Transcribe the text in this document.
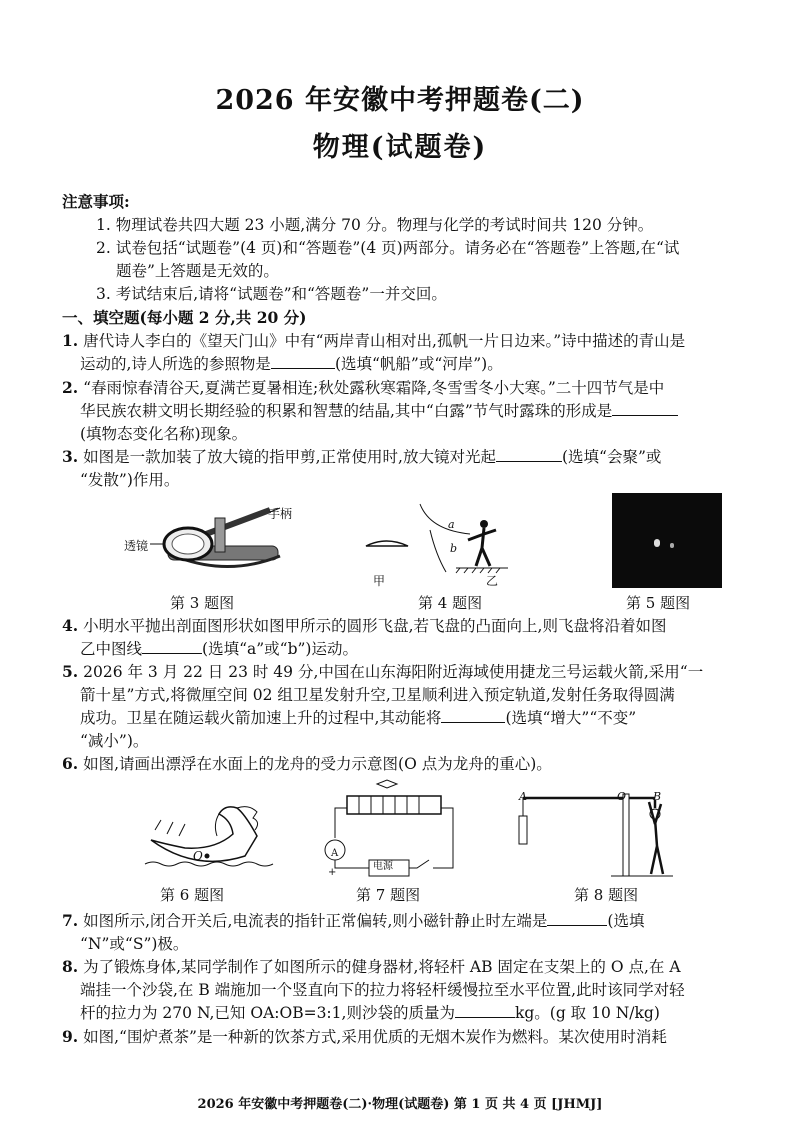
2026 年安徽中考押题卷(二)
物理(试题卷)
注意事项:
1. 物理试卷共四大题 23 小题,满分 70 分。物理与化学的考试时间共 120 分钟。
2. 试卷包括“试题卷”(4 页)和“答题卷”(4 页)两部分。请务必在“答题卷”上答题,在“试
题卷”上答题是无效的。
3. 考试结束后,请将“试题卷”和“答题卷”一并交回。
一、填空题(每小题 2 分,共 20 分)
1. 唐代诗人李白的《望天门山》中有“两岸青山相对出,孤帆一片日边来。”诗中描述的青山是
运动的,诗人所选的参照物是	(选填“帆船”或“河岸”)。
2. “春雨惊春清谷天,夏满芒夏暑相连;秋处露秋寒霜降,冬雪雪冬小大寒。”二十四节气是中
华民族农耕文明长期经验的积累和智慧的结晶,其中“白露”节气时露珠的形成是
(填物态变化名称)现象。
3. 如图是一款加装了放大镜的指甲剪,正常使用时,放大镜对光起	(选填“会聚”或
“发散”)作用。
手柄
透镜
a
b
甲	乙
第 3 题图	第 4 题图	第 5 题图
4. 小明水平抛出剖面图形状如图甲所示的圆形飞盘,若飞盘的凸面向上,则飞盘将沿着如图
乙中图线	(选填“a”或“b”)运动。
5. 2026 年 3 月 22 日 23 时 49 分,中国在山东海阳附近海域使用捷龙三号运载火箭,采用“一
箭十星”方式,将微厘空间 02 组卫星发射升空,卫星顺利进入预定轨道,发射任务取得圆满
成功。卫星在随运载火箭加速上升的过程中,其动能将	(选填“增大”“不变”
“减小”)。
6. 如图,请画出漂浮在水面上的龙舟的受力示意图(O 点为龙舟的重心)。
O	A
电源
+
A	O B
第 6 题图	第 7 题图	第 8 题图
7. 如图所示,闭合开关后,电流表的指针正常偏转,则小磁针静止时左端是	(选填
“N”或“S”)极。
8. 为了锻炼身体,某同学制作了如图所示的健身器材,将轻杆 AB 固定在支架上的 O 点,在 A
端挂一个沙袋,在 B 端施加一个竖直向下的拉力将轻杆缓慢拉至水平位置,此时该同学对轻
杆的拉力为 270 N,已知 OA:OB=3:1,则沙袋的质量为	kg。(g 取 10 N/kg)
9. 如图,“围炉煮茶”是一种新的饮茶方式,采用优质的无烟木炭作为燃料。某次使用时消耗
2026 年安徽中考押题卷(二)·物理(试题卷) 第 1 页 共 4 页 [JHMJ]
